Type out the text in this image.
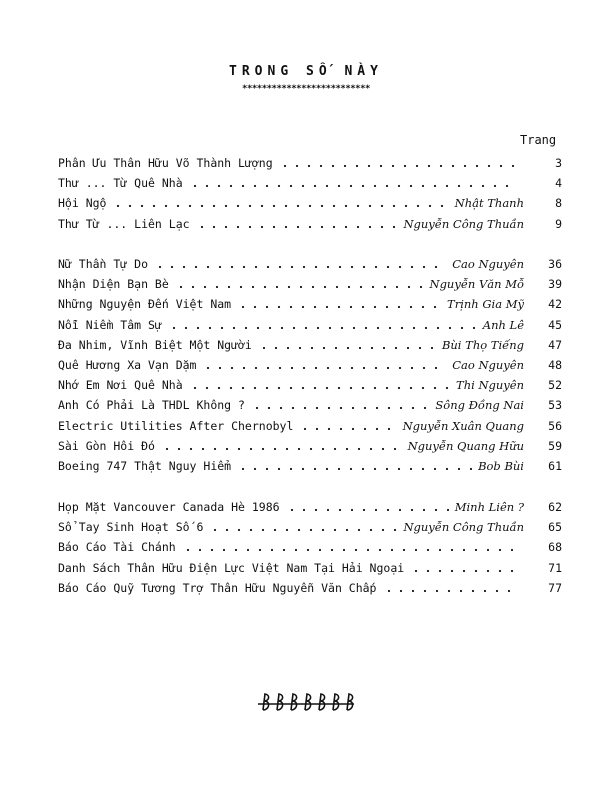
TRONG SỐ NÀY
**************************
Trang
Phân Ưu Thân Hữu Võ Thành Lượng	3
Thư ... Từ Quê Nhà	4
Hội Ngộ	Nhật Thanh	8
Thư Từ ... Liên Lạc	Nguyễn Công Thuần	9
Nữ Thần Tự Do	Cao Nguyên	36
Nhận Diện Bạn Bè	Nguyễn Văn Mỗ	39
Những Nguyện Đến Việt Nam	Trịnh Gia Mỹ	42
Nỗi Niềm Tâm Sự	Anh Lê	45
Đa Nhim, Vĩnh Biệt Một Người	Bùi Thọ Tiếng	47
Quê Hương Xa Vạn Dặm	Cao Nguyên	48
Nhớ Em Nơi Quê Nhà	Thi Nguyên	52
Anh Có Phải Là THDL Không ?	Sông Đồng Nai	53
Electric Utilities After Chernobyl	Nguyễn Xuân Quang	56
Sài Gòn Hôi Đó	Nguyễn Quang Hữu	59
Boeing 747 Thật Nguy Hiểm	Bob Bùi	61
Họp Mặt Vancouver Canada Hè 1986	Minh Liên ?	62
Sổ Tay Sinh Hoạt Số 6	Nguyễn Công Thuần	65
Báo Cáo Tài Chánh	68
Danh Sách Thân Hữu Điện Lực Việt Nam Tại Hải Ngoại	71
Báo Cáo Quỹ Tương Trợ Thân Hữu Nguyễn Văn Chấp	77
